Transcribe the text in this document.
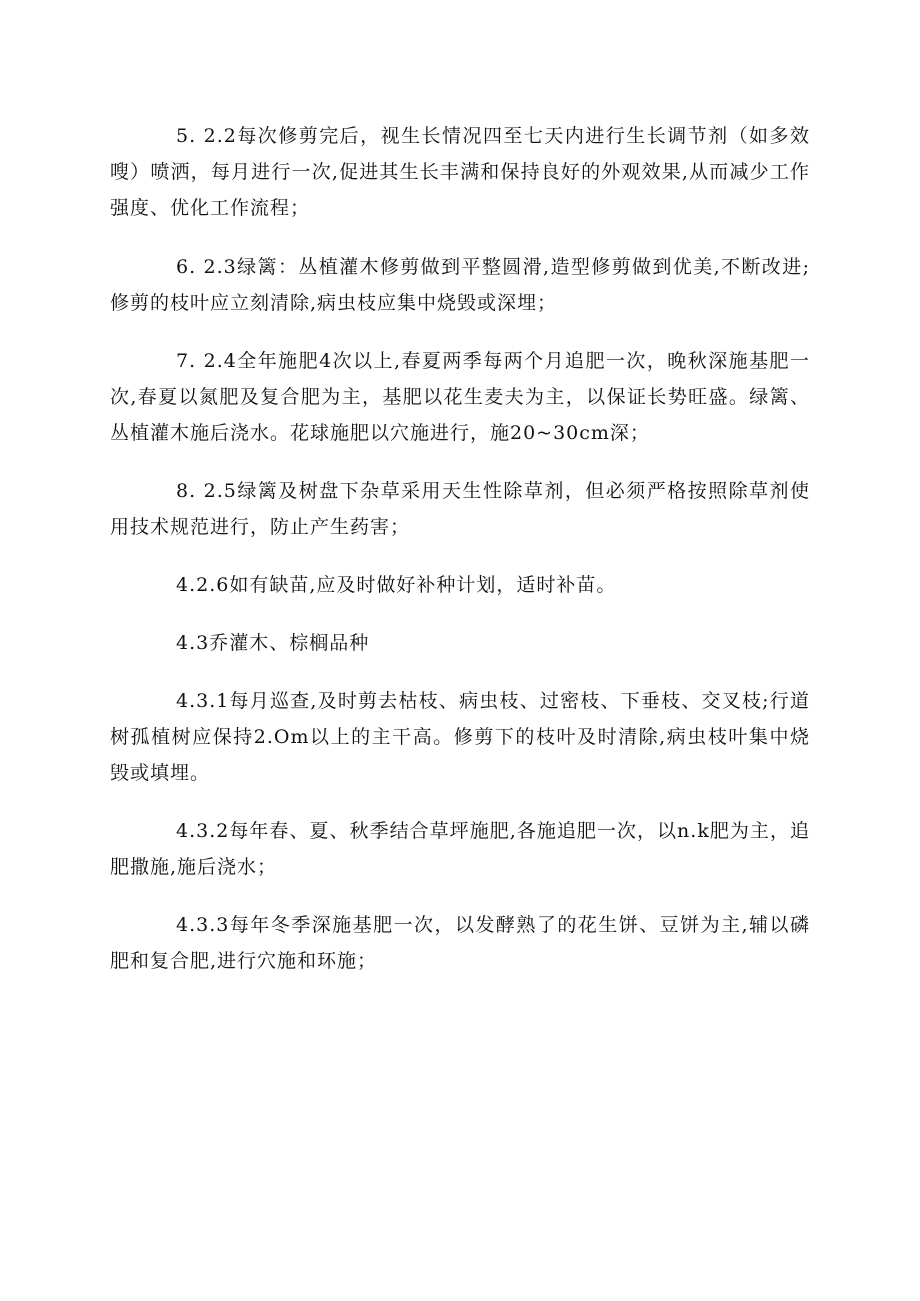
5. 2.2每次修剪完后，视生长情况四至七天内进行生长调节剂（如多效嗖）喷洒，每月进行一次,促进其生长丰满和保持良好的外观效果,从而减少工作强度、优化工作流程；

6. 2.3绿篱：丛植灌木修剪做到平整圆滑,造型修剪做到优美,不断改进;修剪的枝叶应立刻清除,病虫枝应集中烧毁或深埋；

7. 2.4全年施肥4次以上,春夏两季每两个月追肥一次，晚秋深施基肥一次,春夏以氮肥及复合肥为主，基肥以花生麦夫为主，以保证长势旺盛。绿篱、丛植灌木施后浇水。花球施肥以穴施进行，施20~30cm深；

8. 2.5绿篱及树盘下杂草采用天生性除草剂，但必须严格按照除草剂使用技术规范进行，防止产生药害；

4.2.6如有缺苗,应及时做好补种计划，适时补苗。

4.3乔灌木、棕榈品种

4.3.1每月巡查,及时剪去枯枝、病虫枝、过密枝、下垂枝、交叉枝;行道树孤植树应保持2.Om以上的主干高。修剪下的枝叶及时清除,病虫枝叶集中烧毁或填埋。

4.3.2每年春、夏、秋季结合草坪施肥,各施追肥一次，以n.k肥为主，追肥撒施,施后浇水；

4.3.3每年冬季深施基肥一次，以发酵熟了的花生饼、豆饼为主,辅以磷肥和复合肥,进行穴施和环施；
